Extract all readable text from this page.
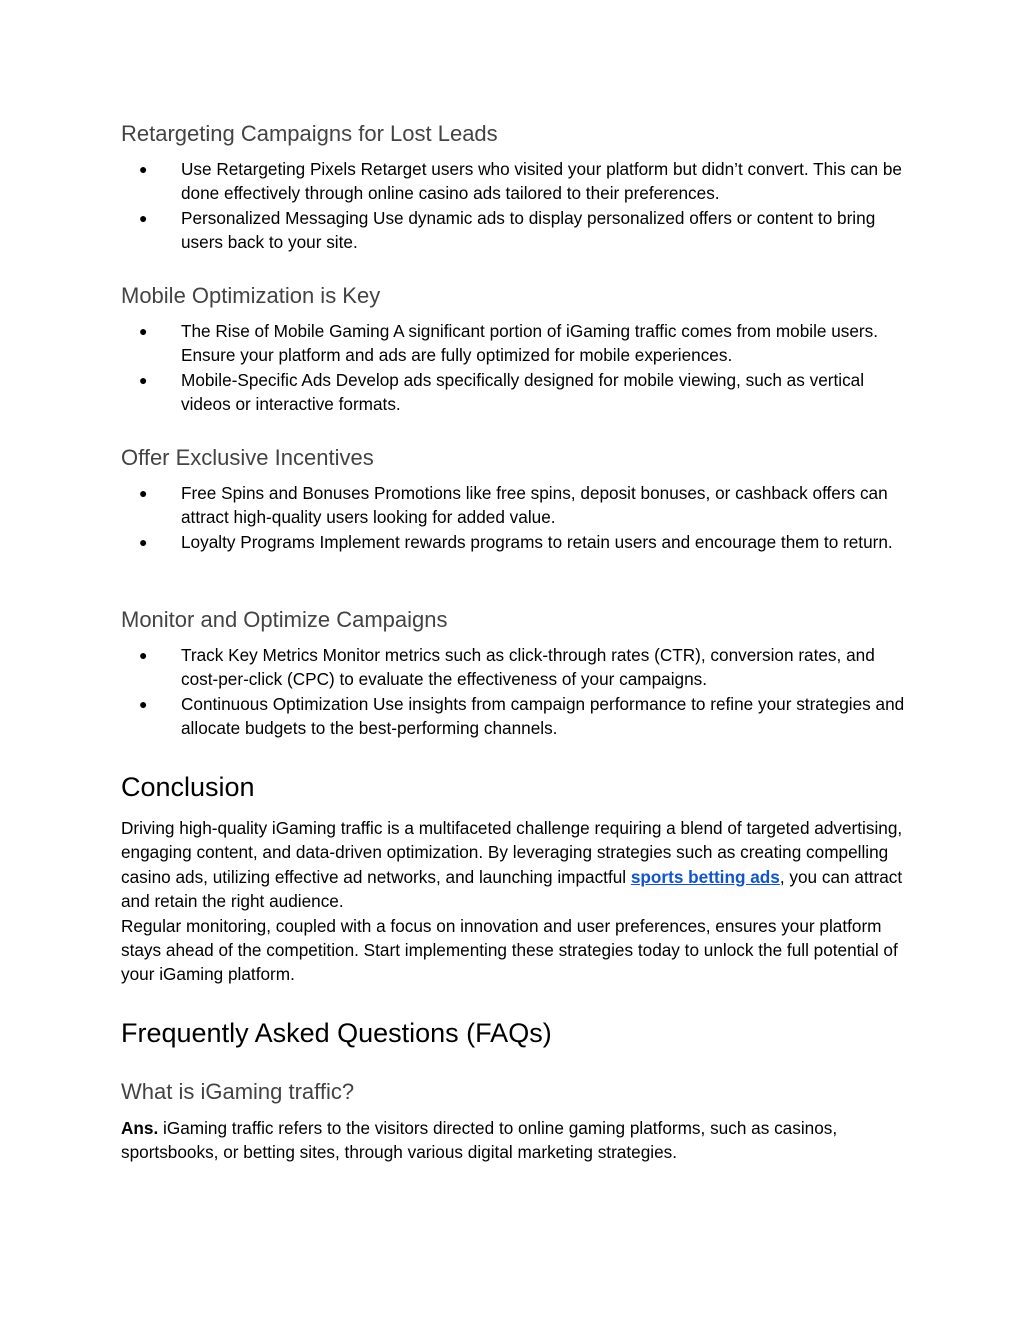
Retargeting Campaigns for Lost Leads
● Use Retargeting Pixels Retarget users who visited your platform but didn’t convert. This can be done effectively through online casino ads tailored to their preferences.
● Personalized Messaging Use dynamic ads to display personalized offers or content to bring users back to your site.
Mobile Optimization is Key
● The Rise of Mobile Gaming A significant portion of iGaming traffic comes from mobile users. Ensure your platform and ads are fully optimized for mobile experiences.
● Mobile-Specific Ads Develop ads specifically designed for mobile viewing, such as vertical videos or interactive formats.
Offer Exclusive Incentives
● Free Spins and Bonuses Promotions like free spins, deposit bonuses, or cashback offers can attract high-quality users looking for added value.
● Loyalty Programs Implement rewards programs to retain users and encourage them to return.
Monitor and Optimize Campaigns
● Track Key Metrics Monitor metrics such as click-through rates (CTR), conversion rates, and cost-per-click (CPC) to evaluate the effectiveness of your campaigns.
● Continuous Optimization Use insights from campaign performance to refine your strategies and allocate budgets to the best-performing channels.
Conclusion

Driving high-quality iGaming traffic is a multifaceted challenge requiring a blend of targeted advertising, engaging content, and data-driven optimization. By leveraging strategies such as creating compelling casino ads, utilizing effective ad networks, and launching impactful sports betting ads, you can attract and retain the right audience.
Regular monitoring, coupled with a focus on innovation and user preferences, ensures your platform stays ahead of the competition. Start implementing these strategies today to unlock the full potential of your iGaming platform.

Frequently Asked Questions (FAQs)
What is iGaming traffic?

Ans. iGaming traffic refers to the visitors directed to online gaming platforms, such as casinos, sportsbooks, or betting sites, through various digital marketing strategies.
